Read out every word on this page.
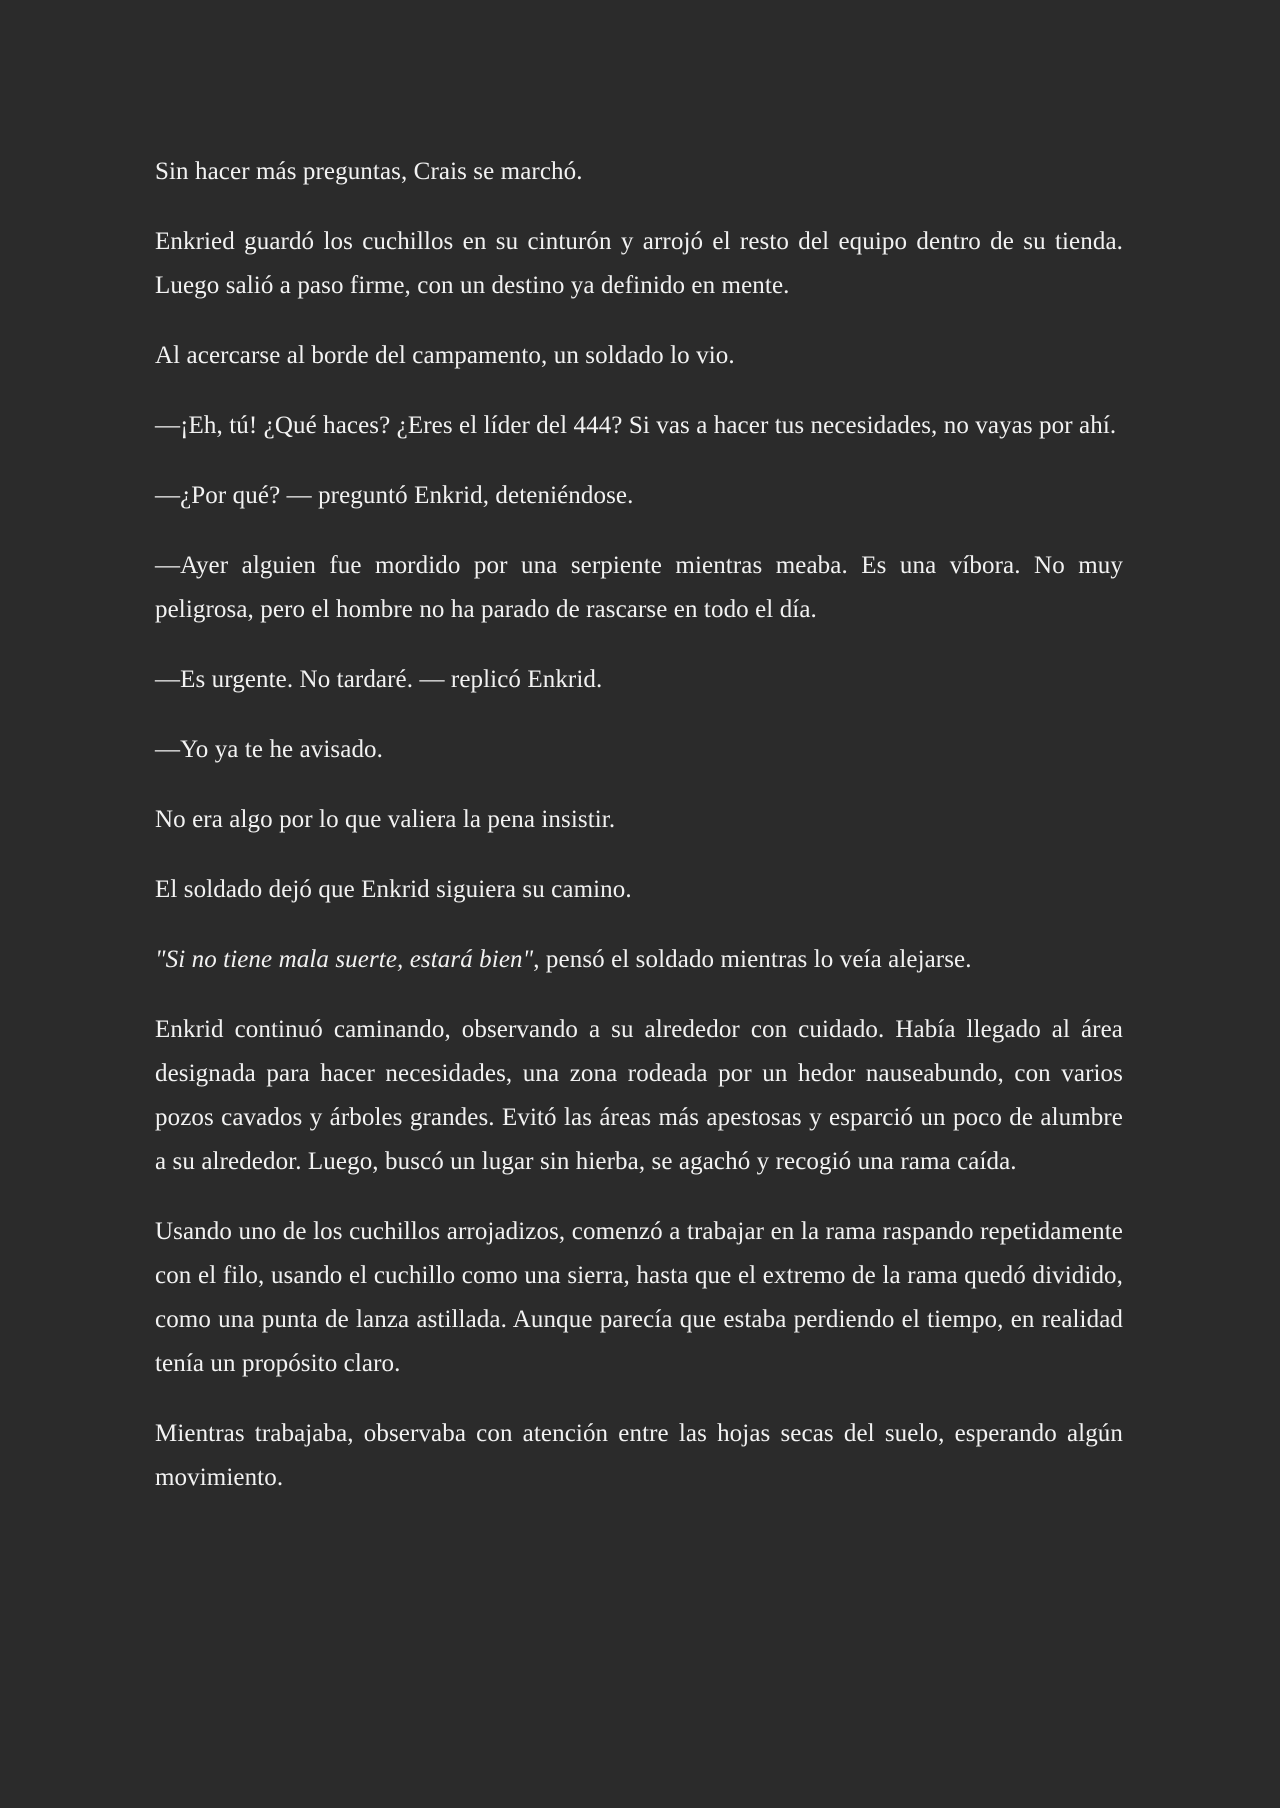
Sin hacer más preguntas, Crais se marchó.

Enkried guardó los cuchillos en su cinturón y arrojó el resto del equipo dentro de su tienda. Luego salió a paso firme, con un destino ya definido en mente.

Al acercarse al borde del campamento, un soldado lo vio.

—¡Eh, tú! ¿Qué haces? ¿Eres el líder del 444? Si vas a hacer tus necesidades, no vayas por ahí.

—¿Por qué? — preguntó Enkrid, deteniéndose.

—Ayer alguien fue mordido por una serpiente mientras meaba. Es una víbora. No muy peligrosa, pero el hombre no ha parado de rascarse en todo el día.

—Es urgente. No tardaré. — replicó Enkrid.

—Yo ya te he avisado.

No era algo por lo que valiera la pena insistir.

El soldado dejó que Enkrid siguiera su camino.

"Si no tiene mala suerte, estará bien", pensó el soldado mientras lo veía alejarse.

Enkrid continuó caminando, observando a su alrededor con cuidado. Había llegado al área designada para hacer necesidades, una zona rodeada por un hedor nauseabundo, con varios pozos cavados y árboles grandes. Evitó las áreas más apestosas y esparció un poco de alumbre a su alrededor. Luego, buscó un lugar sin hierba, se agachó y recogió una rama caída.

Usando uno de los cuchillos arrojadizos, comenzó a trabajar en la rama raspando repetidamente con el filo, usando el cuchillo como una sierra, hasta que el extremo de la rama quedó dividido, como una punta de lanza astillada. Aunque parecía que estaba perdiendo el tiempo, en realidad tenía un propósito claro.

Mientras trabajaba, observaba con atención entre las hojas secas del suelo, esperando algún movimiento.
